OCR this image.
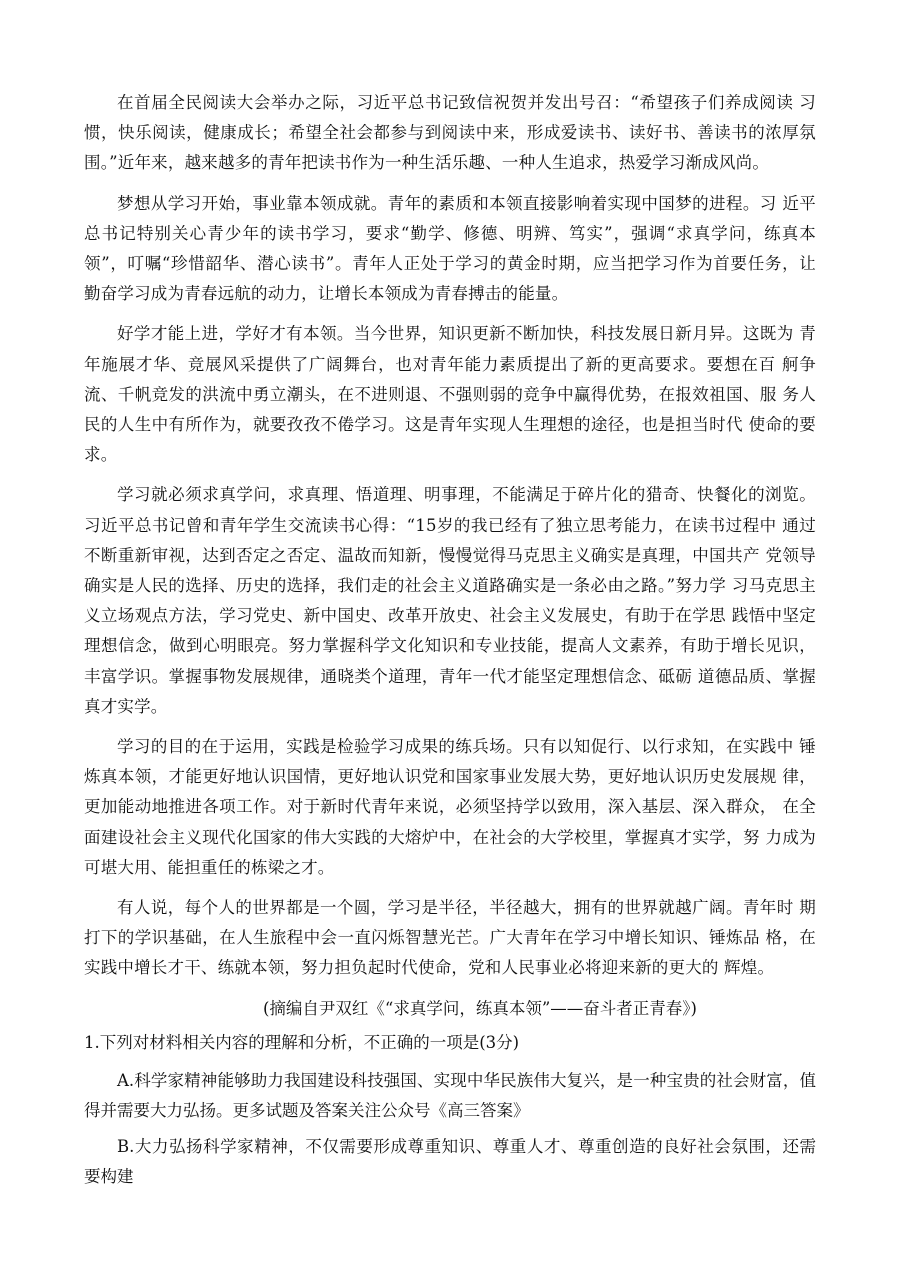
在首届全民阅读大会举办之际，习近平总书记致信祝贺并发出号召：“希望孩子们养成阅读 习惯，快乐阅读，健康成长；希望全社会都参与到阅读中来，形成爱读书、读好书、善读书的浓厚氛围。”近年来，越来越多的青年把读书作为一种生活乐趣、一种人生追求，热爱学习渐成风尚。

梦想从学习开始，事业靠本领成就。青年的素质和本领直接影响着实现中国梦的进程。习 近平总书记特别关心青少年的读书学习，要求“勤学、修德、明辨、笃实”，强调“求真学问，练真本 领”，叮嘱“珍惜韶华、潜心读书”。青年人正处于学习的黄金时期，应当把学习作为首要任务，让 勤奋学习成为青春远航的动力，让增长本领成为青春搏击的能量。

好学才能上进，学好才有本领。当今世界，知识更新不断加快，科技发展日新月异。这既为 青年施展才华、竞展风采提供了广阔舞台，也对青年能力素质提出了新的更高要求。要想在百 舸争流、千帆竞发的洪流中勇立潮头，在不进则退、不强则弱的竞争中赢得优势，在报效祖国、服 务人民的人生中有所作为，就要孜孜不倦学习。这是青年实现人生理想的途径，也是担当时代 使命的要求。

学习就必须求真学问，求真理、悟道理、明事理，不能满足于碎片化的猎奇、快餐化的浏览。 习近平总书记曾和青年学生交流读书心得：“15岁的我已经有了独立思考能力，在读书过程中 通过不断重新审视，达到否定之否定、温故而知新，慢慢觉得马克思主义确实是真理，中国共产 党领导确实是人民的选择、历史的选择，我们走的社会主义道路确实是一条必由之路。”努力学 习马克思主义立场观点方法，学习党史、新中国史、改革开放史、社会主义发展史，有助于在学思 践悟中坚定理想信念，做到心明眼亮。努力掌握科学文化知识和专业技能，提高人文素养，有助于增长见识，丰富学识。掌握事物发展规律，通晓类个道理，青年一代才能坚定理想信念、砥砺 道德品质、掌握真才实学。

学习的目的在于运用，实践是检验学习成果的练兵场。只有以知促行、以行求知，在实践中 锤炼真本领，才能更好地认识国情，更好地认识党和国家事业发展大势，更好地认识历史发展规 律，更加能动地推进各项工作。对于新时代青年来说，必须坚持学以致用，深入基层、深入群众， 在全面建设社会主义现代化国家的伟大实践的大熔炉中，在社会的大学校里，掌握真才实学，努 力成为可堪大用、能担重任的栋梁之才。

有人说，每个人的世界都是一个圆，学习是半径，半径越大，拥有的世界就越广阔。青年时 期打下的学识基础，在人生旅程中会一直闪烁智慧光芒。广大青年在学习中增长知识、锤炼品 格，在实践中增长才干、练就本领，努力担负起时代使命，党和人民事业必将迎来新的更大的 辉煌。

(摘编自尹双红《“求真学问，练真本领”——奋斗者正青春》)

1.下列对材料相关内容的理解和分析，不正确的一项是(3分)

A.科学家精神能够助力我国建设科技强国、实现中华民族伟大复兴，是一种宝贵的社会财富，值得并需要大力弘扬。更多试题及答案关注公众号《高三答案》

B.大力弘扬科学家精神，不仅需要形成尊重知识、尊重人才、尊重创造的良好社会氛围，还需 要构建
